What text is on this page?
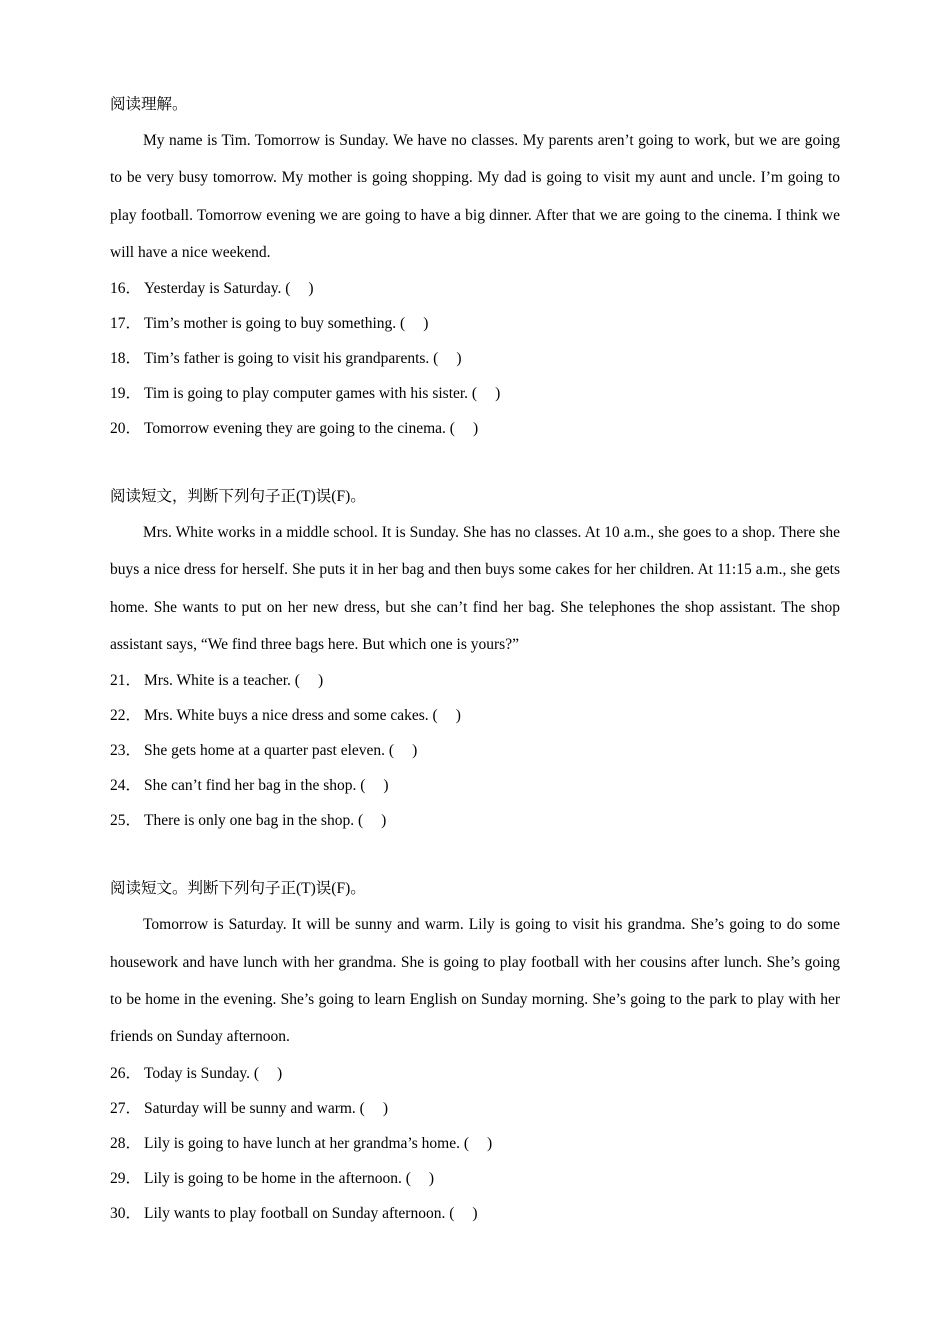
阅读理解。

My name is Tim. Tomorrow is Sunday. We have no classes. My parents aren’t going to work, but we are going to be very busy tomorrow. My mother is going shopping. My dad is going to visit my aunt and uncle. I’m going to play football. Tomorrow evening we are going to have a big dinner. After that we are going to the cinema. I think we will have a nice weekend.

16． Yesterday is Saturday. ( )
17． Tim’s mother is going to buy something. ( )
18． Tim’s father is going to visit his grandparents. ( )
19． Tim is going to play computer games with his sister. ( )
20． Tomorrow evening they are going to the cinema. ( )
阅读短文，判断下列句子正(T)误(F)。

Mrs. White works in a middle school. It is Sunday. She has no classes. At 10 a.m., she goes to a shop. There she buys a nice dress for herself. She puts it in her bag and then buys some cakes for her children. At 11:15 a.m., she gets home. She wants to put on her new dress, but she can’t find her bag. She telephones the shop assistant. The shop assistant says, “We find three bags here. But which one is yours?”

21． Mrs. White is a teacher. ( )
22． Mrs. White buys a nice dress and some cakes. ( )
23． She gets home at a quarter past eleven. ( )
24． She can’t find her bag in the shop. ( )
25． There is only one bag in the shop. ( )
阅读短文。判断下列句子正(T)误(F)。

Tomorrow is Saturday. It will be sunny and warm. Lily is going to visit his grandma. She’s going to do some housework and have lunch with her grandma. She is going to play football with her cousins after lunch. She’s going to be home in the evening. She’s going to learn English on Sunday morning. She’s going to the park to play with her friends on Sunday afternoon.

26． Today is Sunday. ( )
27． Saturday will be sunny and warm. ( )
28． Lily is going to have lunch at her grandma’s home. ( )
29． Lily is going to be home in the afternoon. ( )
30． Lily wants to play football on Sunday afternoon. ( )
